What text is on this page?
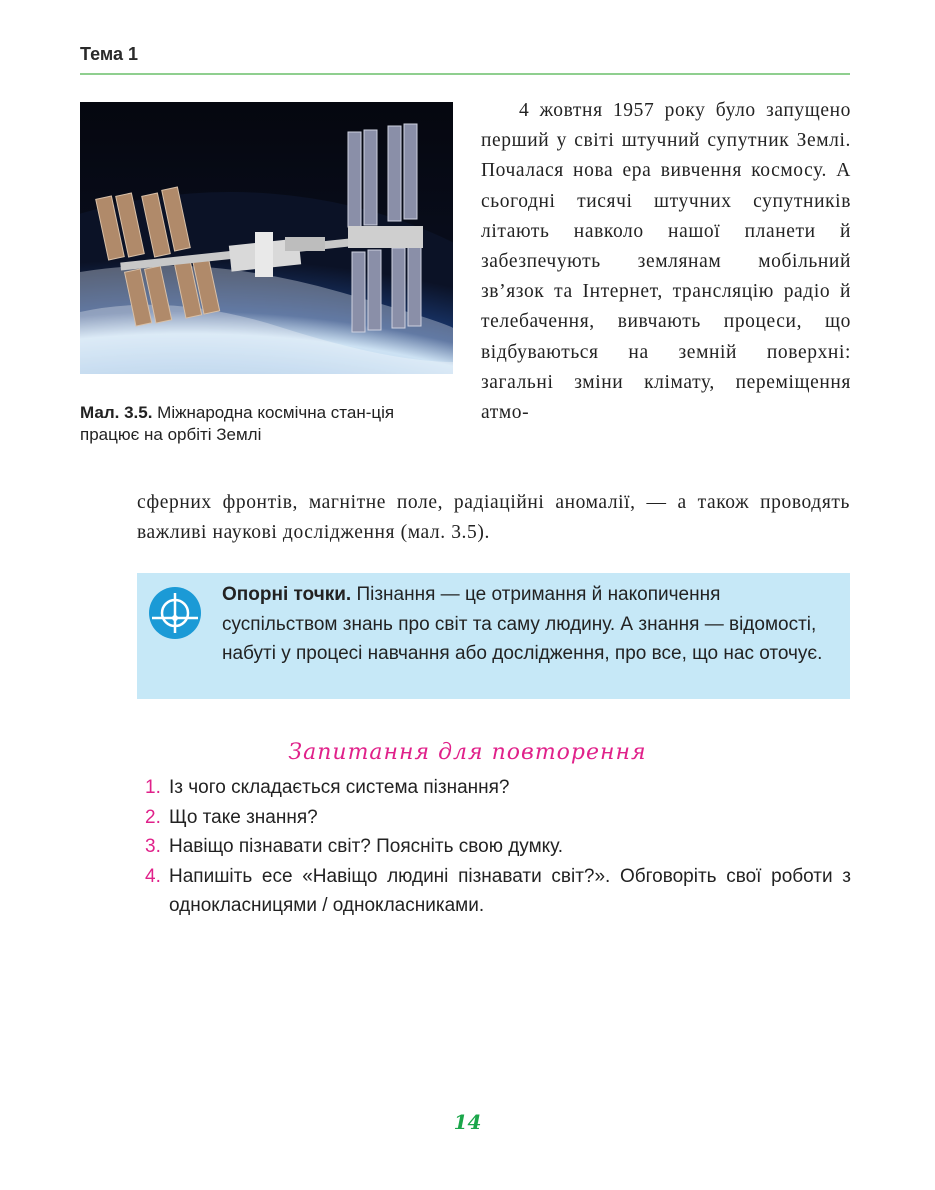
Тема 1
Мал. 3.5. Міжнародна космічна стан-ція працює на орбіті Землі
4 жовтня 1957 року було запущено перший у світі штучний супутник Землі. Почалася нова ера вивчення космосу. А сьогодні тисячі штучних супутників літають навколо нашої планети й забезпечують землянам мобільний зв’язок та Інтернет, трансляцію радіо й телебачення, вивчають процеси, що відбуваються на земній поверхні: загальні зміни клімату, переміщення атмо-
сферних фронтів, магнітне поле, радіаційні аномалії, — а також проводять важливі наукові дослідження (мал. 3.5).
Опорні точки. Пізнання — це отримання й накопичення суспільством знань про світ та саму людину. А знання — відомості, набуті у процесі навчання або дослідження, про все, що нас оточує.
Запитання для повторення
1. Із чого складається система пізнання?
2. Що таке знання?
3. Навіщо пізнавати світ? Поясніть свою думку.
4. Напишіть есе «Навіщо людині пізнавати світ?». Обговоріть свої роботи з однокласницями / однокласниками.
14
